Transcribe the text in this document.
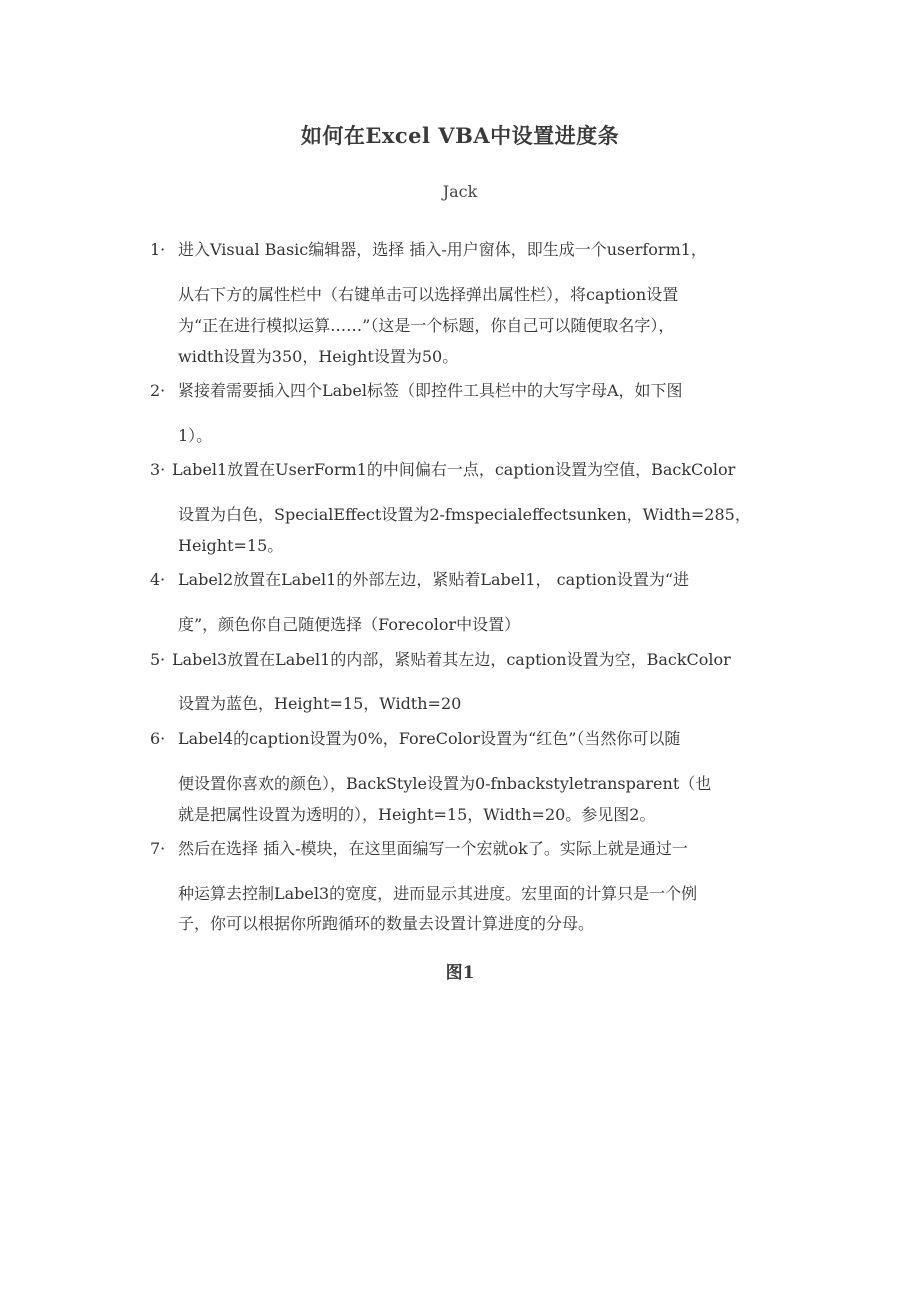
如何在Excel VBA中设置进度条
Jack
1· 进入Visual Basic编辑器，选择 插入-用户窗体，即生成一个userform1，
从右下方的属性栏中（右键单击可以选择弹出属性栏），将caption设置
为“正在进行模拟运算……”（这是一个标题，你自己可以随便取名字），
width设置为350，Height设置为50。
2· 紧接着需要插入四个Label标签（即控件工具栏中的大写字母A，如下图
1）。
3· Label1放置在UserForm1的中间偏右一点，caption设置为空值，BackColor
设置为白色，SpecialEffect设置为2-fmspecialeffectsunken，Width=285，
Height=15。
4· Label2放置在Label1的外部左边，紧贴着Label1， caption设置为“进
度”，颜色你自己随便选择（Forecolor中设置）
5· Label3放置在Label1的内部，紧贴着其左边，caption设置为空，BackColor
设置为蓝色，Height=15，Width=20
6· Label4的caption设置为0%，ForeColor设置为“红色”（当然你可以随
便设置你喜欢的颜色），BackStyle设置为0-fnbackstyletransparent（也
就是把属性设置为透明的），Height=15，Width=20。参见图2。
7· 然后在选择 插入-模块，在这里面编写一个宏就ok了。实际上就是通过一
种运算去控制Label3的宽度，进而显示其进度。宏里面的计算只是一个例
子，你可以根据你所跑循环的数量去设置计算进度的分母。
图1
